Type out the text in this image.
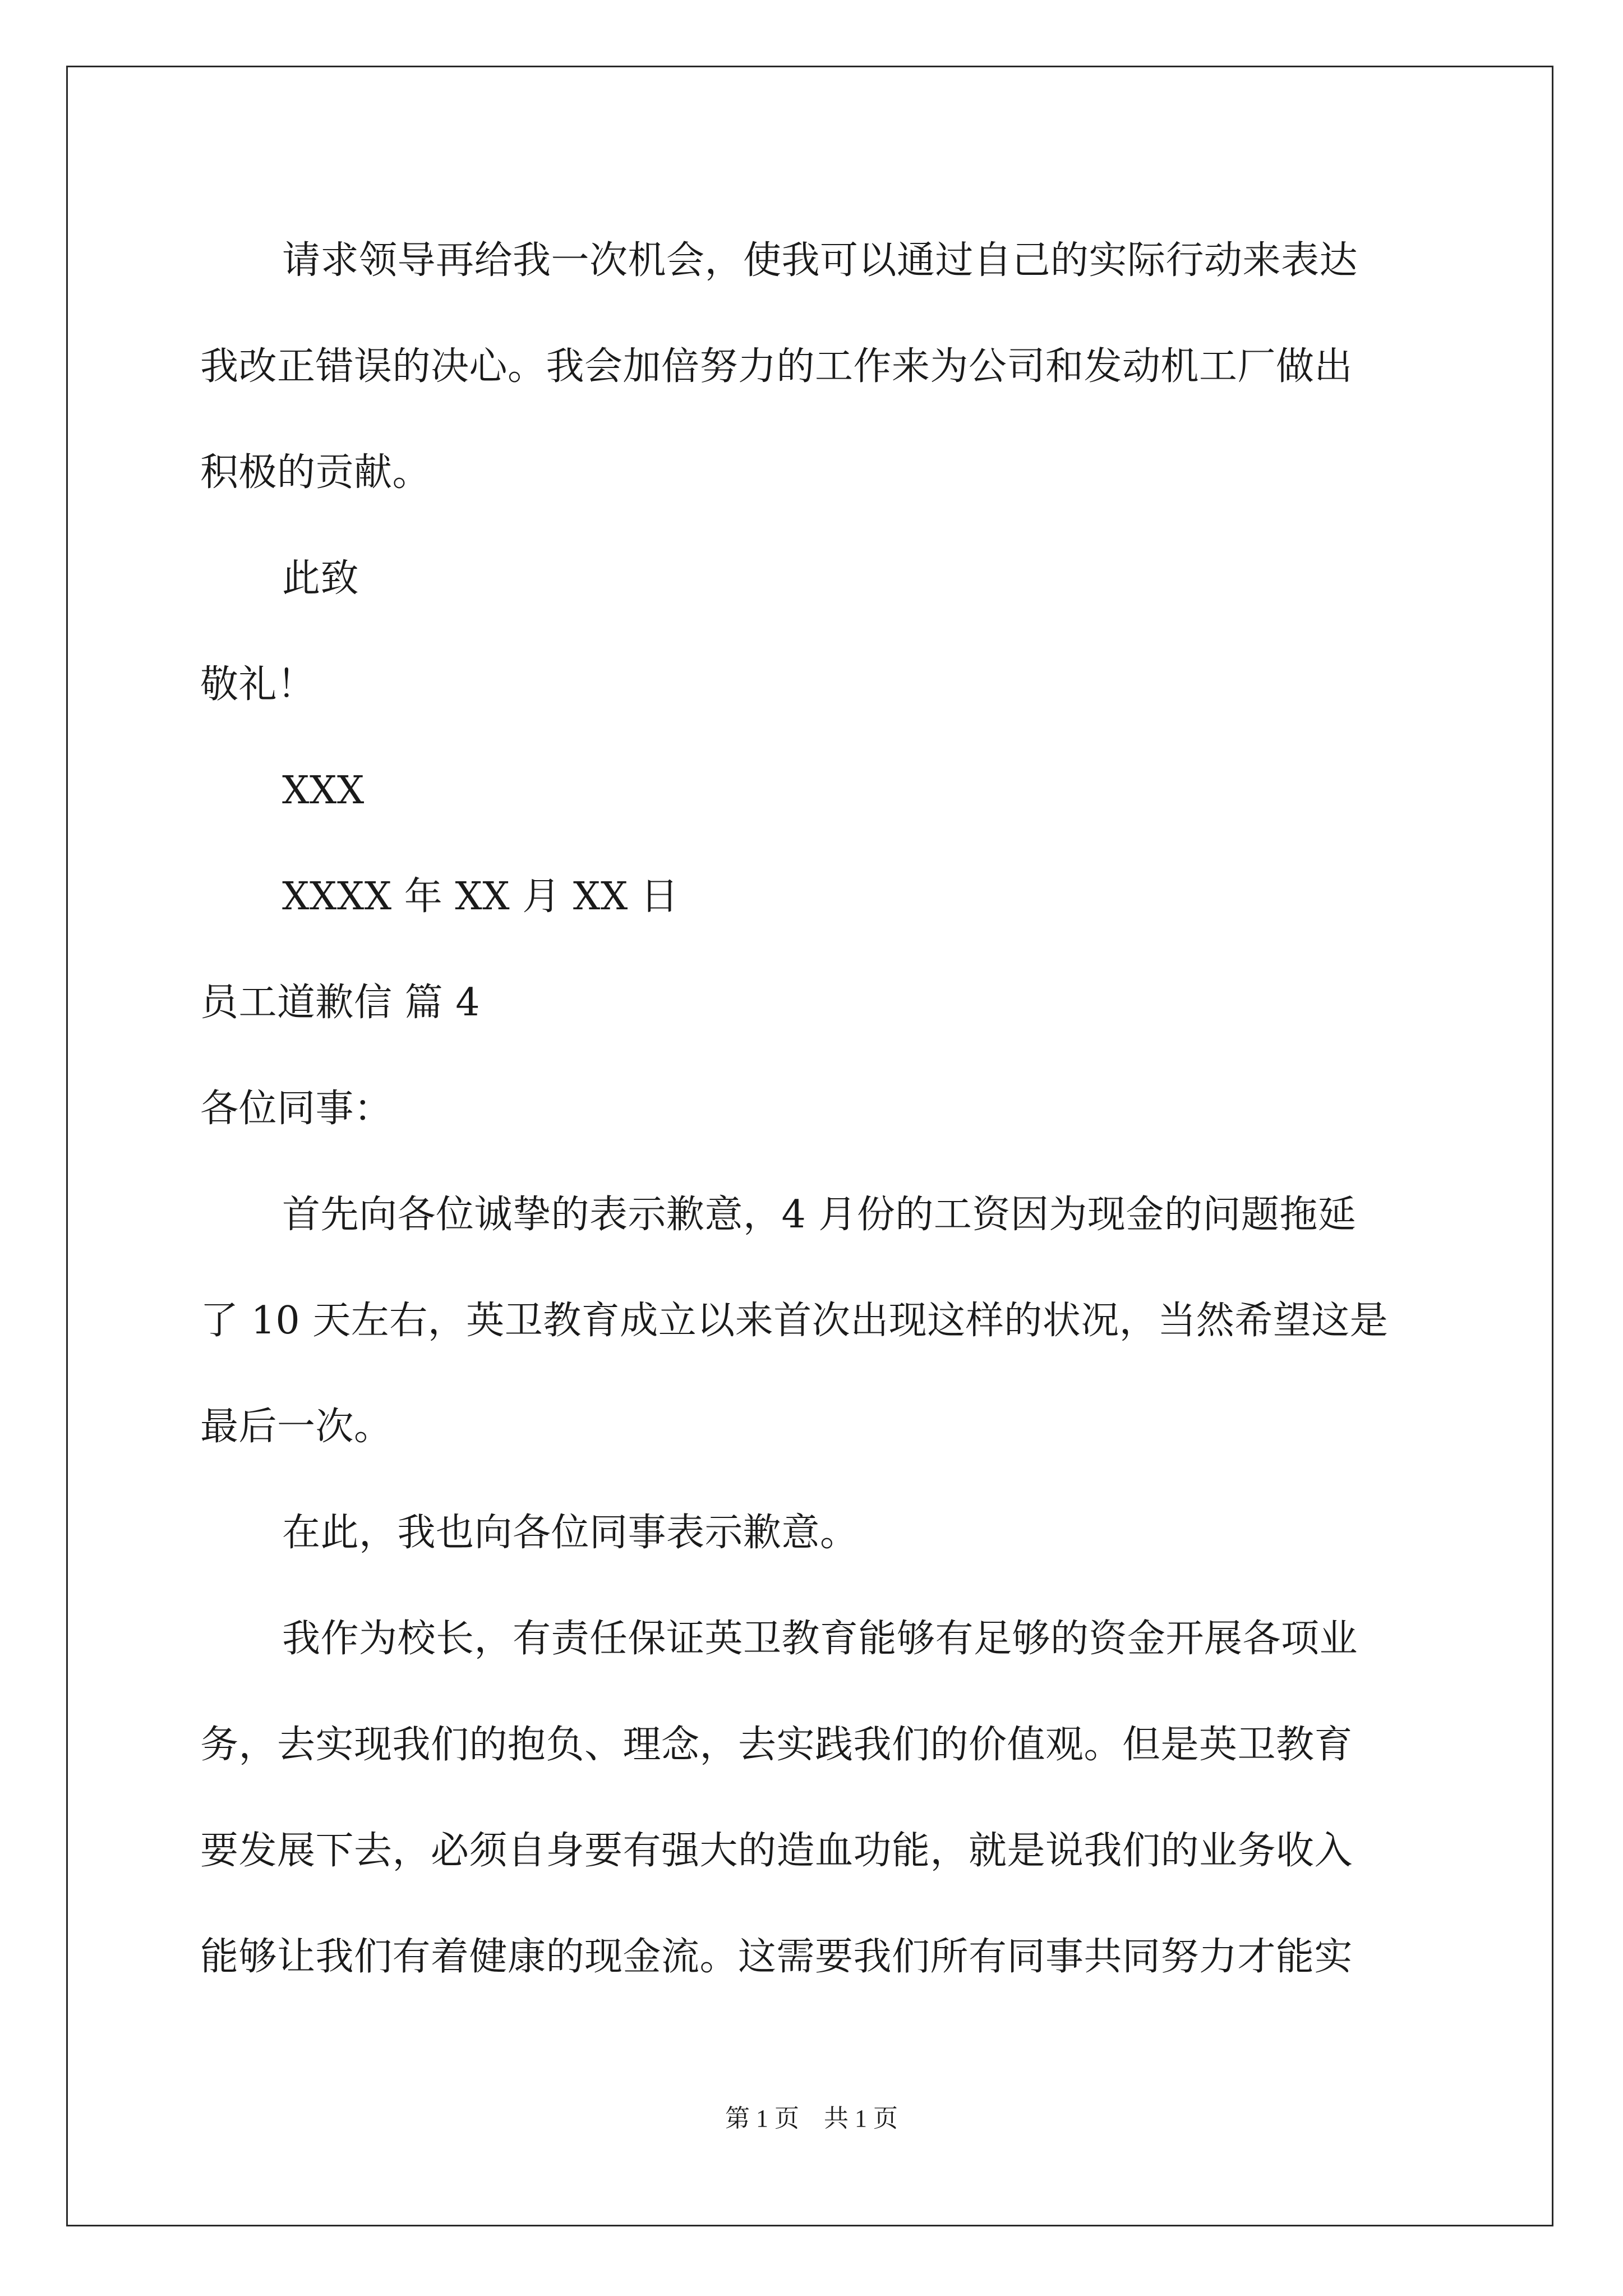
请求领导再给我一次机会，使我可以通过自己的实际行动来表达
我改正错误的决心。我会加倍努力的工作来为公司和发动机工厂做出
积极的贡献。

此致

敬礼！

XXX

XXXX 年 XX 月 XX 日

员工道歉信 篇 4

各位同事：

首先向各位诚挚的表示歉意，4 月份的工资因为现金的问题拖延
了 10 天左右，英卫教育成立以来首次出现这样的状况，当然希望这是
最后一次。

在此，我也向各位同事表示歉意。

我作为校长，有责任保证英卫教育能够有足够的资金开展各项业
务，去实现我们的抱负、理念，去实践我们的价值观。但是英卫教育
要发展下去，必须自身要有强大的造血功能，就是说我们的业务收入
能够让我们有着健康的现金流。这需要我们所有同事共同努力才能实

第 1 页　共 1 页
